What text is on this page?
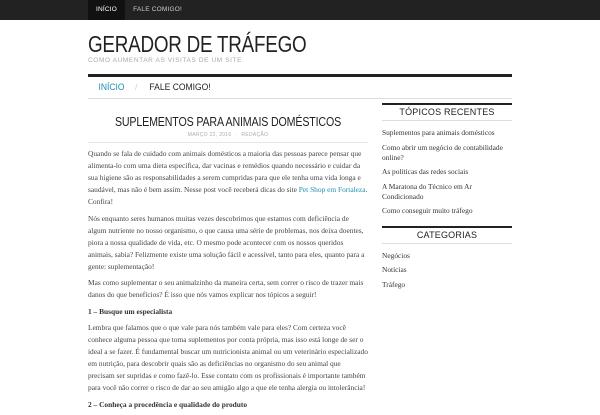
INÍCIO	FALE COMIGO!
GERADOR DE TRÁFEGO
COMO AUMENTAR AS VISITAS DE UM SITE
INÍCIO	/	FALE COMIGO!
SUPLEMENTOS PARA ANIMAIS DOMÉSTICOS
MARÇO 22, 2016 · REDAÇÃO

Quando se fala de cuidado com animais domésticos a maioria das pessoas parece pensar que alimenta-lo com uma dieta específica, dar vacinas e remédios quando necessário e cuidar da sua higiene são as responsabilidades a serem cumpridas para que ele tenha uma vida longa e saudável, mas não é bem assim. Nesse post você receberá dicas do site Pet Shop em Fortaleza. Confira!

Nós enquanto seres humanos muitas vezes descobrimos que estamos com deficiência de algum nutriente no nosso organismo, o que causa uma série de problemas, nos deixa doentes, piora a nossa qualidade de vida, etc. O mesmo pode acontecer com os nossos queridos animais, sabia? Felizmente existe uma solução fácil e acessível, tanto para eles, quanto para a gente: suplementação!

Mas como suplementar o seu animalzinho da maneira certa, sem correr o risco de trazer mais danos do que benefícios? É isso que nós vamos explicar nos tópicos a seguir!

1 – Busque um especialista

Lembra que falamos que o que vale para nós também vale para eles? Com certeza você conhece alguma pessoa que toma suplementos por conta própria, mas isso está longe de ser o ideal a se fazer. É fundamental buscar um nutricionista animal ou um veterinário especializado em nutrição, para descobrir quais são as deficiências no organismo do seu animal que precisam ser supridas e como fazê-lo. Esse contato com os profissionais é importante também para você não correr o risco de dar ao seu amigão algo a que ele tenha alergia ou intolerância!

2 – Conheça a procedência e qualidade do produto

TÓPICOS RECENTES
Suplementos para animais domésticos
Como abrir um negócio de contabilidade online?
As políticas das redes sociais
A Maratona do Técnico em Ar Condicionado
Como conseguir muito tráfego
CATEGORIAS
Negócios
Notícias
Tráfego
